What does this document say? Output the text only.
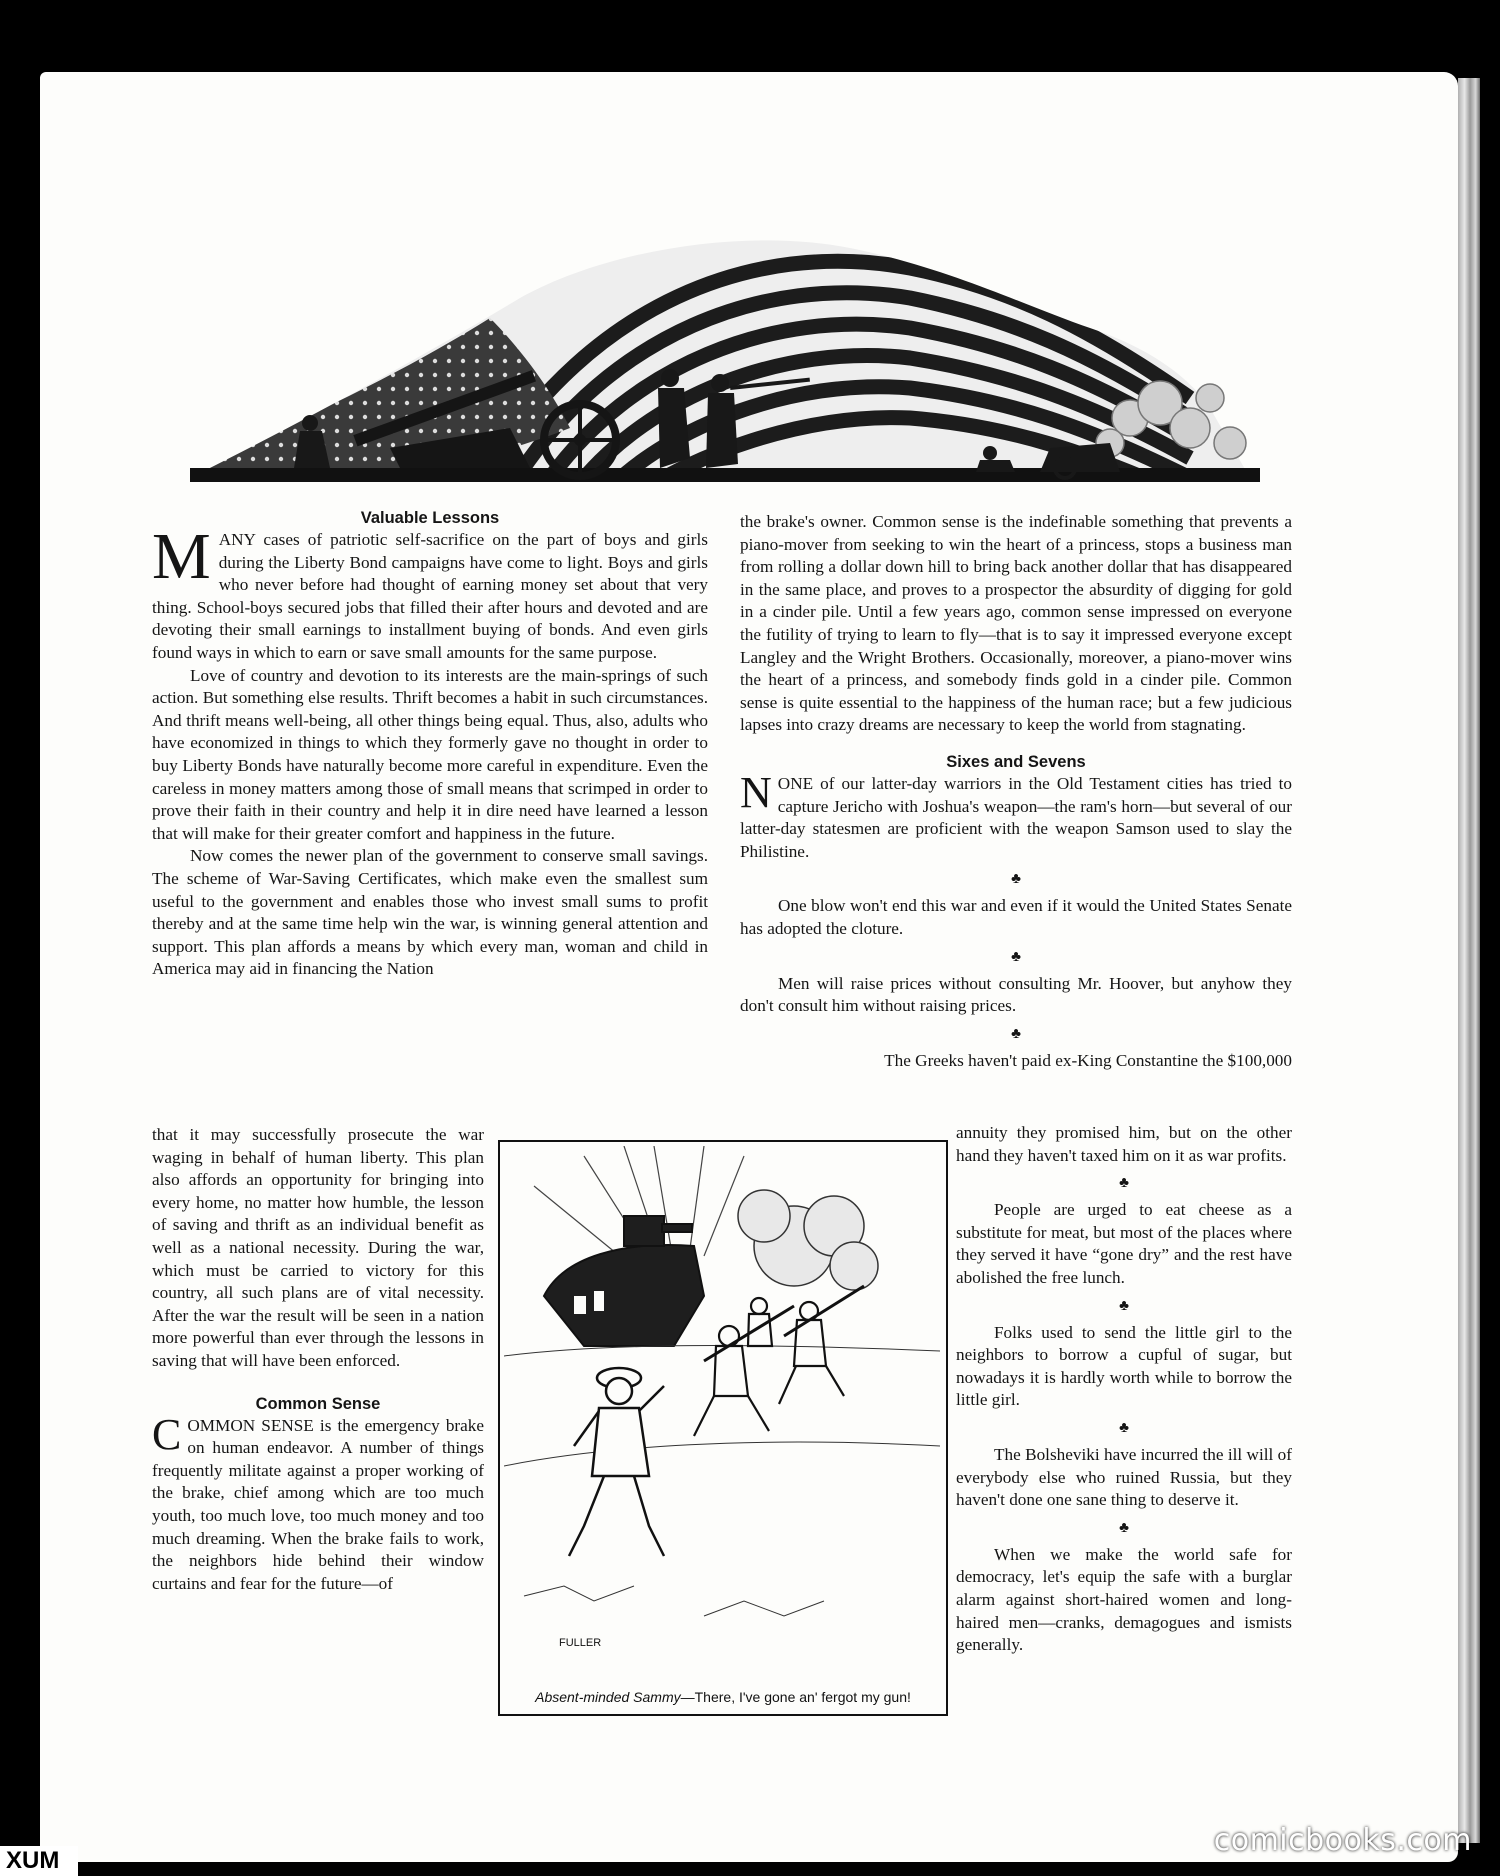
Valuable Lessons

MANY cases of patriotic self-sacrifice on the part of boys and girls during the Liberty Bond campaigns have come to light. Boys and girls who never before had thought of earning money set about that very thing. School-boys secured jobs that filled their after hours and devoted and are devoting their small earnings to installment buying of bonds. And even girls found ways in which to earn or save small amounts for the same purpose.

Love of country and devotion to its interests are the main-springs of such action. But something else results. Thrift becomes a habit in such circumstances. And thrift means well-being, all other things being equal. Thus, also, adults who have economized in things to which they formerly gave no thought in order to buy Liberty Bonds have naturally become more careful in expenditure. Even the careless in money matters among those of small means that scrimped in order to prove their faith in their country and help it in dire need have learned a lesson that will make for their greater comfort and happiness in the future.

Now comes the newer plan of the government to conserve small savings. The scheme of War-Saving Certificates, which make even the smallest sum useful to the government and enables those who invest small sums to profit thereby and at the same time help win the war, is winning general attention and support. This plan affords a means by which every man, woman and child in America may aid in financing the Nation

that it may successfully prosecute the war waging in behalf of human liberty. This plan also affords an opportunity for bringing into every home, no matter how humble, the lesson of saving and thrift as an individual benefit as well as a national necessity. During the war, which must be carried to victory for this country, all such plans are of vital necessity. After the war the result will be seen in a nation more powerful than ever through the lessons in saving that will have been enforced.

Common Sense

COMMON SENSE is the emergency brake on human endeavor. A number of things frequently militate against a proper working of the brake, chief among which are too much youth, too much love, too much money and too much dreaming. When the brake fails to work, the neighbors hide behind their window curtains and fear for the future—of

the brake's owner. Common sense is the indefinable something that prevents a piano-mover from seeking to win the heart of a princess, stops a business man from rolling a dollar down hill to bring back another dollar that has disappeared in the same place, and proves to a prospector the absurdity of digging for gold in a cinder pile. Until a few years ago, common sense impressed on everyone the futility of trying to learn to fly—that is to say it impressed everyone except Langley and the Wright Brothers. Occasionally, moreover, a piano-mover wins the heart of a princess, and somebody finds gold in a cinder pile. Common sense is quite essential to the happiness of the human race; but a few judicious lapses into crazy dreams are necessary to keep the world from stagnating.

Sixes and Sevens

NONE of our latter-day warriors in the Old Testament cities has tried to capture Jericho with Joshua's weapon—the ram's horn—but several of our latter-day statesmen are proficient with the weapon Samson used to slay the Philistine.

♣

One blow won't end this war and even if it would the United States Senate has adopted the cloture.

♣

Men will raise prices without consulting Mr. Hoover, but anyhow they don't consult him without raising prices.

♣

The Greeks haven't paid ex-King Constantine the $100,000

annuity they promised him, but on the other hand they haven't taxed him on it as war profits.

♣

People are urged to eat cheese as a substitute for meat, but most of the places where they served it have “gone dry” and the rest have abolished the free lunch.

♣

Folks used to send the little girl to the neighbors to borrow a cupful of sugar, but nowadays it is hardly worth while to borrow the little girl.

♣

The Bolsheviki have incurred the ill will of everybody else who ruined Russia, but they haven't done one sane thing to deserve it.

♣

When we make the world safe for democracy, let's equip the safe with a burglar alarm against short-haired women and long-haired men—cranks, demagogues and ismists generally.

FULLER
Absent-minded Sammy—There, I've gone an' fergot my gun!
comicbooks.com
XUM
